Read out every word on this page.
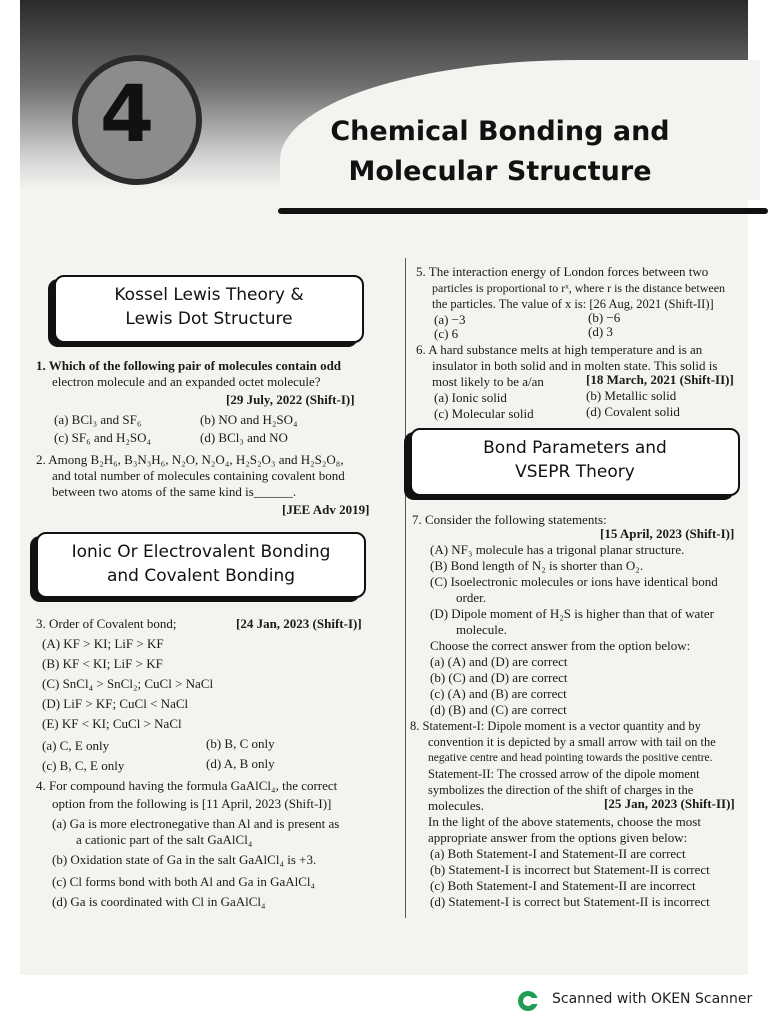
4	Chemical Bonding and
Molecular Structure
Kossel Lewis Theory &
Lewis Dot Structure
Ionic Or Electrovalent Bonding
and Covalent Bonding
Bond Parameters and
VSEPR Theory
1. Which of the following pair of molecules contain odd
electron molecule and an expanded octet molecule?
[29 July, 2022 (Shift-I)]
(a) BCl₃ and SF₆	(b) NO and H₂SO₄
(c) SF₆ and H₂SO₄	(d) BCl₃ and NO
2. Among B₂H₆, B₃N₃H₆, N₂O, N₂O₄, H₂S₂O₃ and H₂S₂O₈,
and total number of molecules containing covalent bond
between two atoms of the same kind is______.
[JEE Adv 2019]
3. Order of Covalent bond;	[24 Jan, 2023 (Shift-I)]
(A) KF > KI; LiF > KF
(B) KF < KI; LiF > KF
(C) SnCl₄ > SnCl₂; CuCl > NaCl
(D) LiF > KF; CuCl < NaCl
(E) KF < KI; CuCl > NaCl
(a) C, E only	(b) B, C only
(c) B, C, E only	(d) A, B only
4. For compound having the formula GaAlCl₄, the correct
option from the following is [11 April, 2023 (Shift-I)]
(a) Ga is more electronegative than Al and is present as
a cationic part of the salt GaAlCl₄
(b) Oxidation state of Ga in the salt GaAlCl₄ is +3.
(c) Cl forms bond with both Al and Ga in GaAlCl₄
(d) Ga is coordinated with Cl in GaAlCl₄
5. The interaction energy of London forces between two
particles is proportional to rˣ, where r is the distance between
the particles. The value of x is: [26 Aug, 2021 (Shift-II)]
(a) −3	(b) −6
(c) 6	(d) 3
6. A hard substance melts at high temperature and is an
insulator in both solid and in molten state. This solid is
most likely to be a/an	[18 March, 2021 (Shift-II)]
(a) Ionic solid	(b) Metallic solid
(c) Molecular solid	(d) Covalent solid
7. Consider the following statements:
[15 April, 2023 (Shift-I)]
(A) NF₃ molecule has a trigonal planar structure.
(B) Bond length of N₂ is shorter than O₂.
(C) Isoelectronic molecules or ions have identical bond
order.
(D) Dipole moment of H₂S is higher than that of water
molecule.
Choose the correct answer from the option below:
(a) (A) and (D) are correct
(b) (C) and (D) are correct
(c) (A) and (B) are correct
(d) (B) and (C) are correct
8. Statement-I: Dipole moment is a vector quantity and by
convention it is depicted by a small arrow with tail on the
negative centre and head pointing towards the positive centre.
Statement-II: The crossed arrow of the dipole moment
symbolizes the direction of the shift of charges in the
molecules.	[25 Jan, 2023 (Shift-II)]
In the light of the above statements, choose the most
appropriate answer from the options given below:
(a) Both Statement-I and Statement-II are correct
(b) Statement-I is incorrect but Statement-II is correct
(c) Both Statement-I and Statement-II are incorrect
(d) Statement-I is correct but Statement-II is incorrect
Scanned with OKEN Scanner
